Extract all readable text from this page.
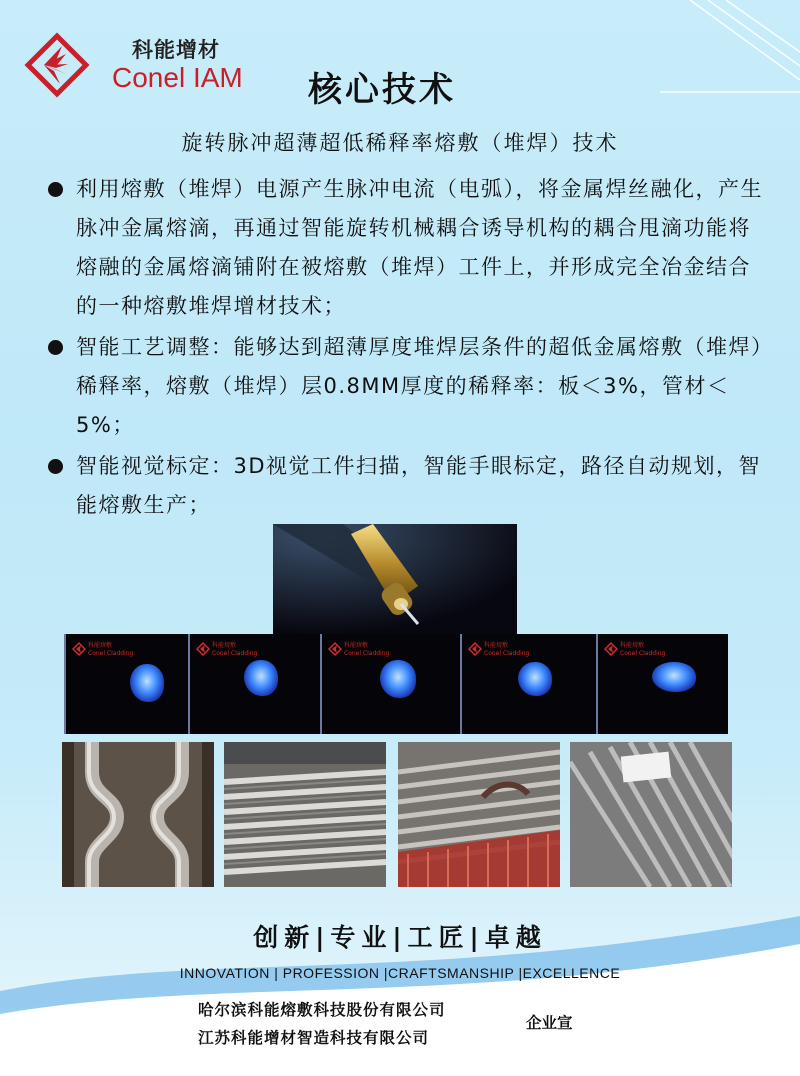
科能增材
Conel IAM 核心技术
旋转脉冲超薄超低稀释率熔敷（堆焊）技术
利用熔敷（堆焊）电源产生脉冲电流（电弧），将金属焊丝融化，产生脉冲金属熔滴，再通过智能旋转机械耦合诱导机构的耦合甩滴功能将熔融的金属熔滴铺附在被熔敷（堆焊）工件上，并形成完全冶金结合的一种熔敷堆焊增材技术；
智能工艺调整：能够达到超薄厚度堆焊层条件的超低金属熔敷（堆焊）稀释率，熔敷（堆焊）层0.8MM厚度的稀释率：板＜3%，管材＜5%；
智能视觉标定：3D视觉工件扫描，智能手眼标定，路径自动规划，智能熔敷生产；
科能熔敷
Conel Cladding
科能熔敷
Conel Cladding
科能熔敷
Conel Cladding
科能熔敷
Conel Cladding
科能熔敷
Conel Cladding
创新|专业|工匠|卓越
INNOVATION | PROFESSION |CRAFTSMANSHIP |EXCELLENCE
哈尔滨科能熔敷科技股份有限公司
江苏科能增材智造科技有限公司
企业宣
